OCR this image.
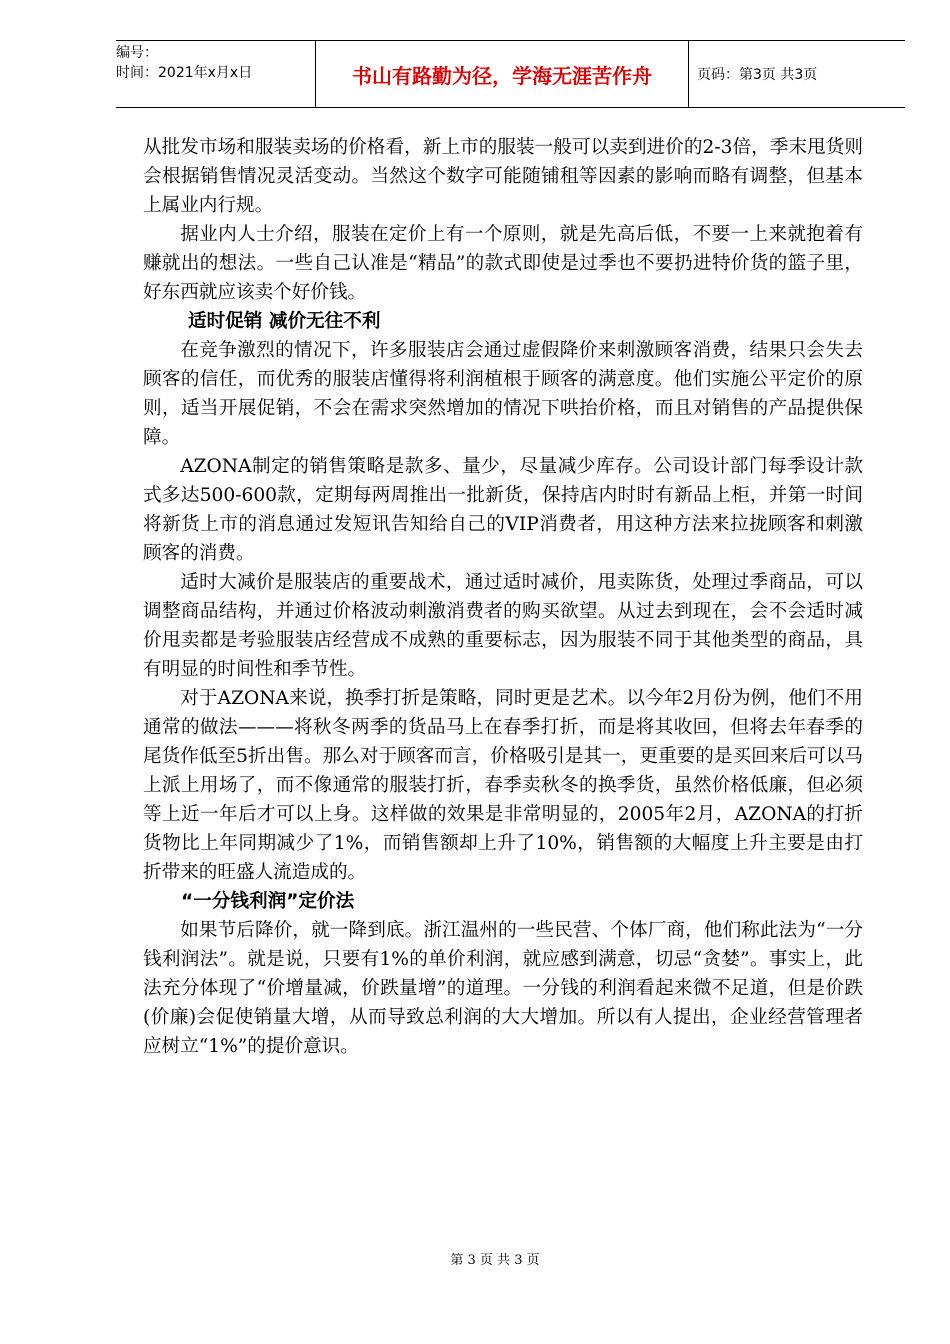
编号：
时间：2021年x月x日	书山有路勤为径，学海无涯苦作舟	页码：第3页 共3页

从批发市场和服装卖场的价格看，新上市的服装一般可以卖到进价的2-3倍，季末甩货则会根据销售情况灵活变动。当然这个数字可能随铺租等因素的影响而略有调整，但基本上属业内行规。

据业内人士介绍，服装在定价上有一个原则，就是先高后低，不要一上来就抱着有赚就出的想法。一些自己认准是“精品”的款式即使是过季也不要扔进特价货的篮子里，好东西就应该卖个好价钱。

适时促销 减价无往不利

在竞争激烈的情况下，许多服装店会通过虚假降价来刺激顾客消费，结果只会失去顾客的信任，而优秀的服装店懂得将利润植根于顾客的满意度。他们实施公平定价的原则，适当开展促销，不会在需求突然增加的情况下哄抬价格，而且对销售的产品提供保障。

AZONA制定的销售策略是款多、量少，尽量减少库存。公司设计部门每季设计款式多达500-600款，定期每两周推出一批新货，保持店内时时有新品上柜，并第一时间将新货上市的消息通过发短讯告知给自己的VIP消费者，用这种方法来拉拢顾客和刺激顾客的消费。

适时大减价是服装店的重要战术，通过适时减价，甩卖陈货，处理过季商品，可以调整商品结构，并通过价格波动刺激消费者的购买欲望。从过去到现在，会不会适时减价甩卖都是考验服装店经营成不成熟的重要标志，因为服装不同于其他类型的商品，具有明显的时间性和季节性。

对于AZONA来说，换季打折是策略，同时更是艺术。以今年2月份为例，他们不用通常的做法———将秋冬两季的货品马上在春季打折，而是将其收回，但将去年春季的尾货作低至5折出售。那么对于顾客而言，价格吸引是其一，更重要的是买回来后可以马上派上用场了，而不像通常的服装打折，春季卖秋冬的换季货，虽然价格低廉，但必须等上近一年后才可以上身。这样做的效果是非常明显的，2005年2月，AZONA的打折货物比上年同期减少了1%，而销售额却上升了10%，销售额的大幅度上升主要是由打折带来的旺盛人流造成的。

“一分钱利润”定价法

如果节后降价，就一降到底。浙江温州的一些民营、个体厂商，他们称此法为“一分钱利润法”。就是说，只要有1%的单价利润，就应感到满意，切忌“贪婪”。事实上，此法充分体现了“价增量减，价跌量增”的道理。一分钱的利润看起来微不足道，但是价跌(价廉)会促使销量大增，从而导致总利润的大大增加。所以有人提出，企业经营管理者应树立“1%”的提价意识。

第 3 页 共 3 页
